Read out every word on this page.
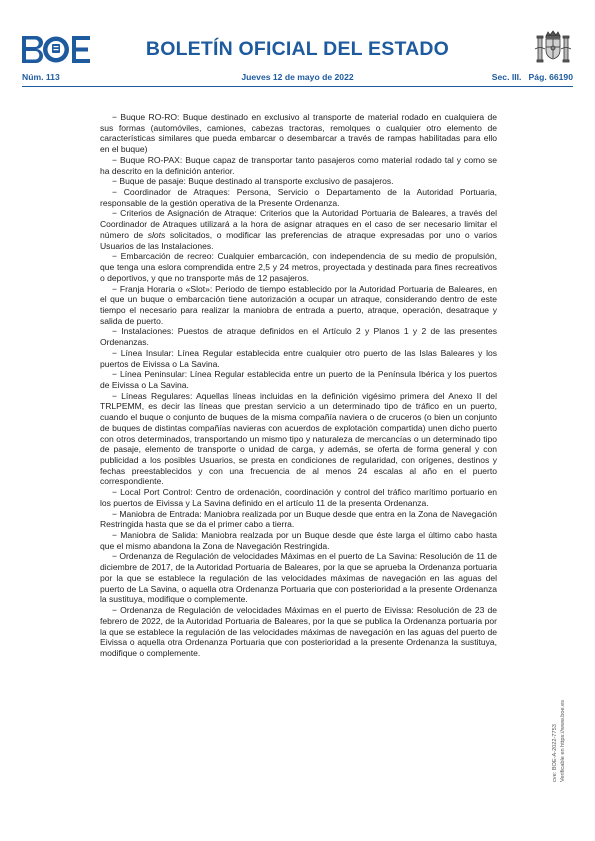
BOLETÍN OFICIAL DEL ESTADO
Núm. 113	Jueves 12 de mayo de 2022	Sec. III.   Pág. 66190

− Buque RO-RO: Buque destinado en exclusivo al transporte de material rodado en cualquiera de sus formas (automóviles, camiones, cabezas tractoras, remolques o cualquier otro elemento de características similares que pueda embarcar o desembarcar a través de rampas habilitadas para ello en el buque)

− Buque RO-PAX: Buque capaz de transportar tanto pasajeros como material rodado tal y como se ha descrito en la definición anterior.

− Buque de pasaje: Buque destinado al transporte exclusivo de pasajeros.

− Coordinador de Atraques: Persona, Servicio o Departamento de la Autoridad Portuaria, responsable de la gestión operativa de la Presente Ordenanza.

− Criterios de Asignación de Atraque: Criterios que la Autoridad Portuaria de Baleares, a través del Coordinador de Atraques utilizará a la hora de asignar atraques en el caso de ser necesario limitar el número de slots solicitados, o modificar las preferencias de atraque expresadas por uno o varios Usuarios de las Instalaciones.

− Embarcación de recreo: Cualquier embarcación, con independencia de su medio de propulsión, que tenga una eslora comprendida entre 2,5 y 24 metros, proyectada y destinada para fines recreativos o deportivos, y que no transporte más de 12 pasajeros.

− Franja Horaria o «Slot»: Periodo de tiempo establecido por la Autoridad Portuaria de Baleares, en el que un buque o embarcación tiene autorización a ocupar un atraque, considerando dentro de este tiempo el necesario para realizar la maniobra de entrada a puerto, atraque, operación, desatraque y salida de puerto.

− Instalaciones: Puestos de atraque definidos en el Artículo 2 y Planos 1 y 2 de las presentes Ordenanzas.

− Línea Insular: Línea Regular establecida entre cualquier otro puerto de las Islas Baleares y los puertos de Eivissa o La Savina.

− Línea Peninsular: Línea Regular establecida entre un puerto de la Península Ibérica y los puertos de Eivissa o La Savina.

− Líneas Regulares: Aquellas líneas incluidas en la definición vigésimo primera del Anexo II del TRLPEMM, es decir las líneas que prestan servicio a un determinado tipo de tráfico en un puerto, cuando el buque o conjunto de buques de la misma compañía naviera o de cruceros (o bien un conjunto de buques de distintas compañías navieras con acuerdos de explotación compartida) unen dicho puerto con otros determinados, transportando un mismo tipo y naturaleza de mercancías o un determinado tipo de pasaje, elemento de transporte o unidad de carga, y además, se oferta de forma general y con publicidad a los posibles Usuarios, se presta en condiciones de regularidad, con orígenes, destinos y fechas preestablecidos y con una frecuencia de al menos 24 escalas al año en el puerto correspondiente.

− Local Port Control: Centro de ordenación, coordinación y control del tráfico marítimo portuario en los puertos de Eivissa y La Savina definido en el artículo 11 de la presenta Ordenanza.

− Maniobra de Entrada: Maniobra realizada por un Buque desde que entra en la Zona de Navegación Restringida hasta que se da el primer cabo a tierra.

− Maniobra de Salida: Maniobra realzada por un Buque desde que éste larga el último cabo hasta que el mismo abandona la Zona de Navegación Restringida.

− Ordenanza de Regulación de velocidades Máximas en el puerto de La Savina: Resolución de 11 de diciembre de 2017, de la Autoridad Portuaria de Baleares, por la que se aprueba la Ordenanza portuaria por la que se establece la regulación de las velocidades máximas de navegación en las aguas del puerto de La Savina, o aquella otra Ordenanza Portuaria que con posterioridad a la presente Ordenanza la sustituya, modifique o complemente.

− Ordenanza de Regulación de velocidades Máximas en el puerto de Eivissa: Resolución de 23 de febrero de 2022, de la Autoridad Portuaria de Baleares, por la que se publica la Ordenanza portuaria por la que se establece la regulación de las velocidades máximas de navegación en las aguas del puerto de Eivissa o aquella otra Ordenanza Portuaria que con posterioridad a la presente Ordenanza la sustituya, modifique o complemente.

cve: BOE-A-2022-7753 Verificable en https://www.boe.es
